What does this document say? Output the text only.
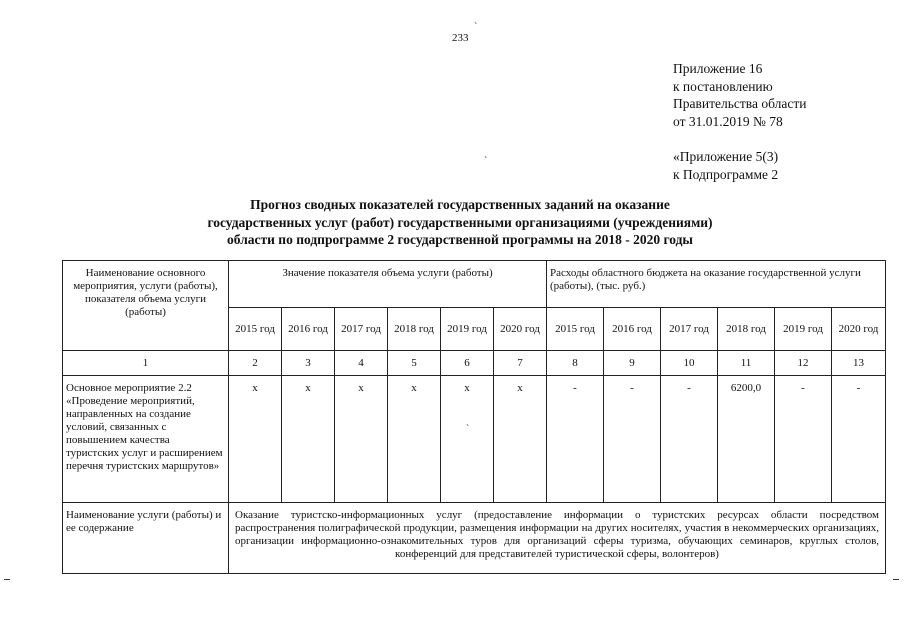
233
`
Приложение 16
к постановлению
Правительства области
от 31.01.2019 № 78
`	«Приложение 5(3)
к Подпрограмме 2
Прогноз сводных показателей государственных заданий на оказание
государственных услуг (работ) государственными организациями (учреждениями)
области по подпрограмме 2 государственной программы на 2018 - 2020 годы
Наименование основного мероприятия, услуги (работы), показателя объема услуги (работы)	Значение показателя объема услуги (работы)						Расходы областного бюджета на оказание государственной услуги (работы), (тыс. руб.)					
	2015 год	2016 год	2017 год	2018 год	2019 год	2020 год	2015 год	2016 год	2017 год	2018 год	2019 год	2020 год
1	2	3	4	5	6	7	8	9	10	11	12	13
Основное мероприятие 2.2 «Проведение мероприятий, направленных на создание условий, связанных с повышением качества туристских услуг и расширением перечня туристских маршрутов»	x	x	x	x	x	x	-	-	-	6200,0	-	-
Наименование услуги (работы) и ее содержание	Оказание туристско-информационных услуг (предоставление информации о туристских ресурсах области посредством распространения полиграфической продукции, размещения информации на других носителях, участия в некоммерческих организациях, организации информационно-ознакомительных туров для организаций сферы туризма, обучающих семинаров, круглых столов, конференций для представителей туристической сферы, волонтеров)											
`
